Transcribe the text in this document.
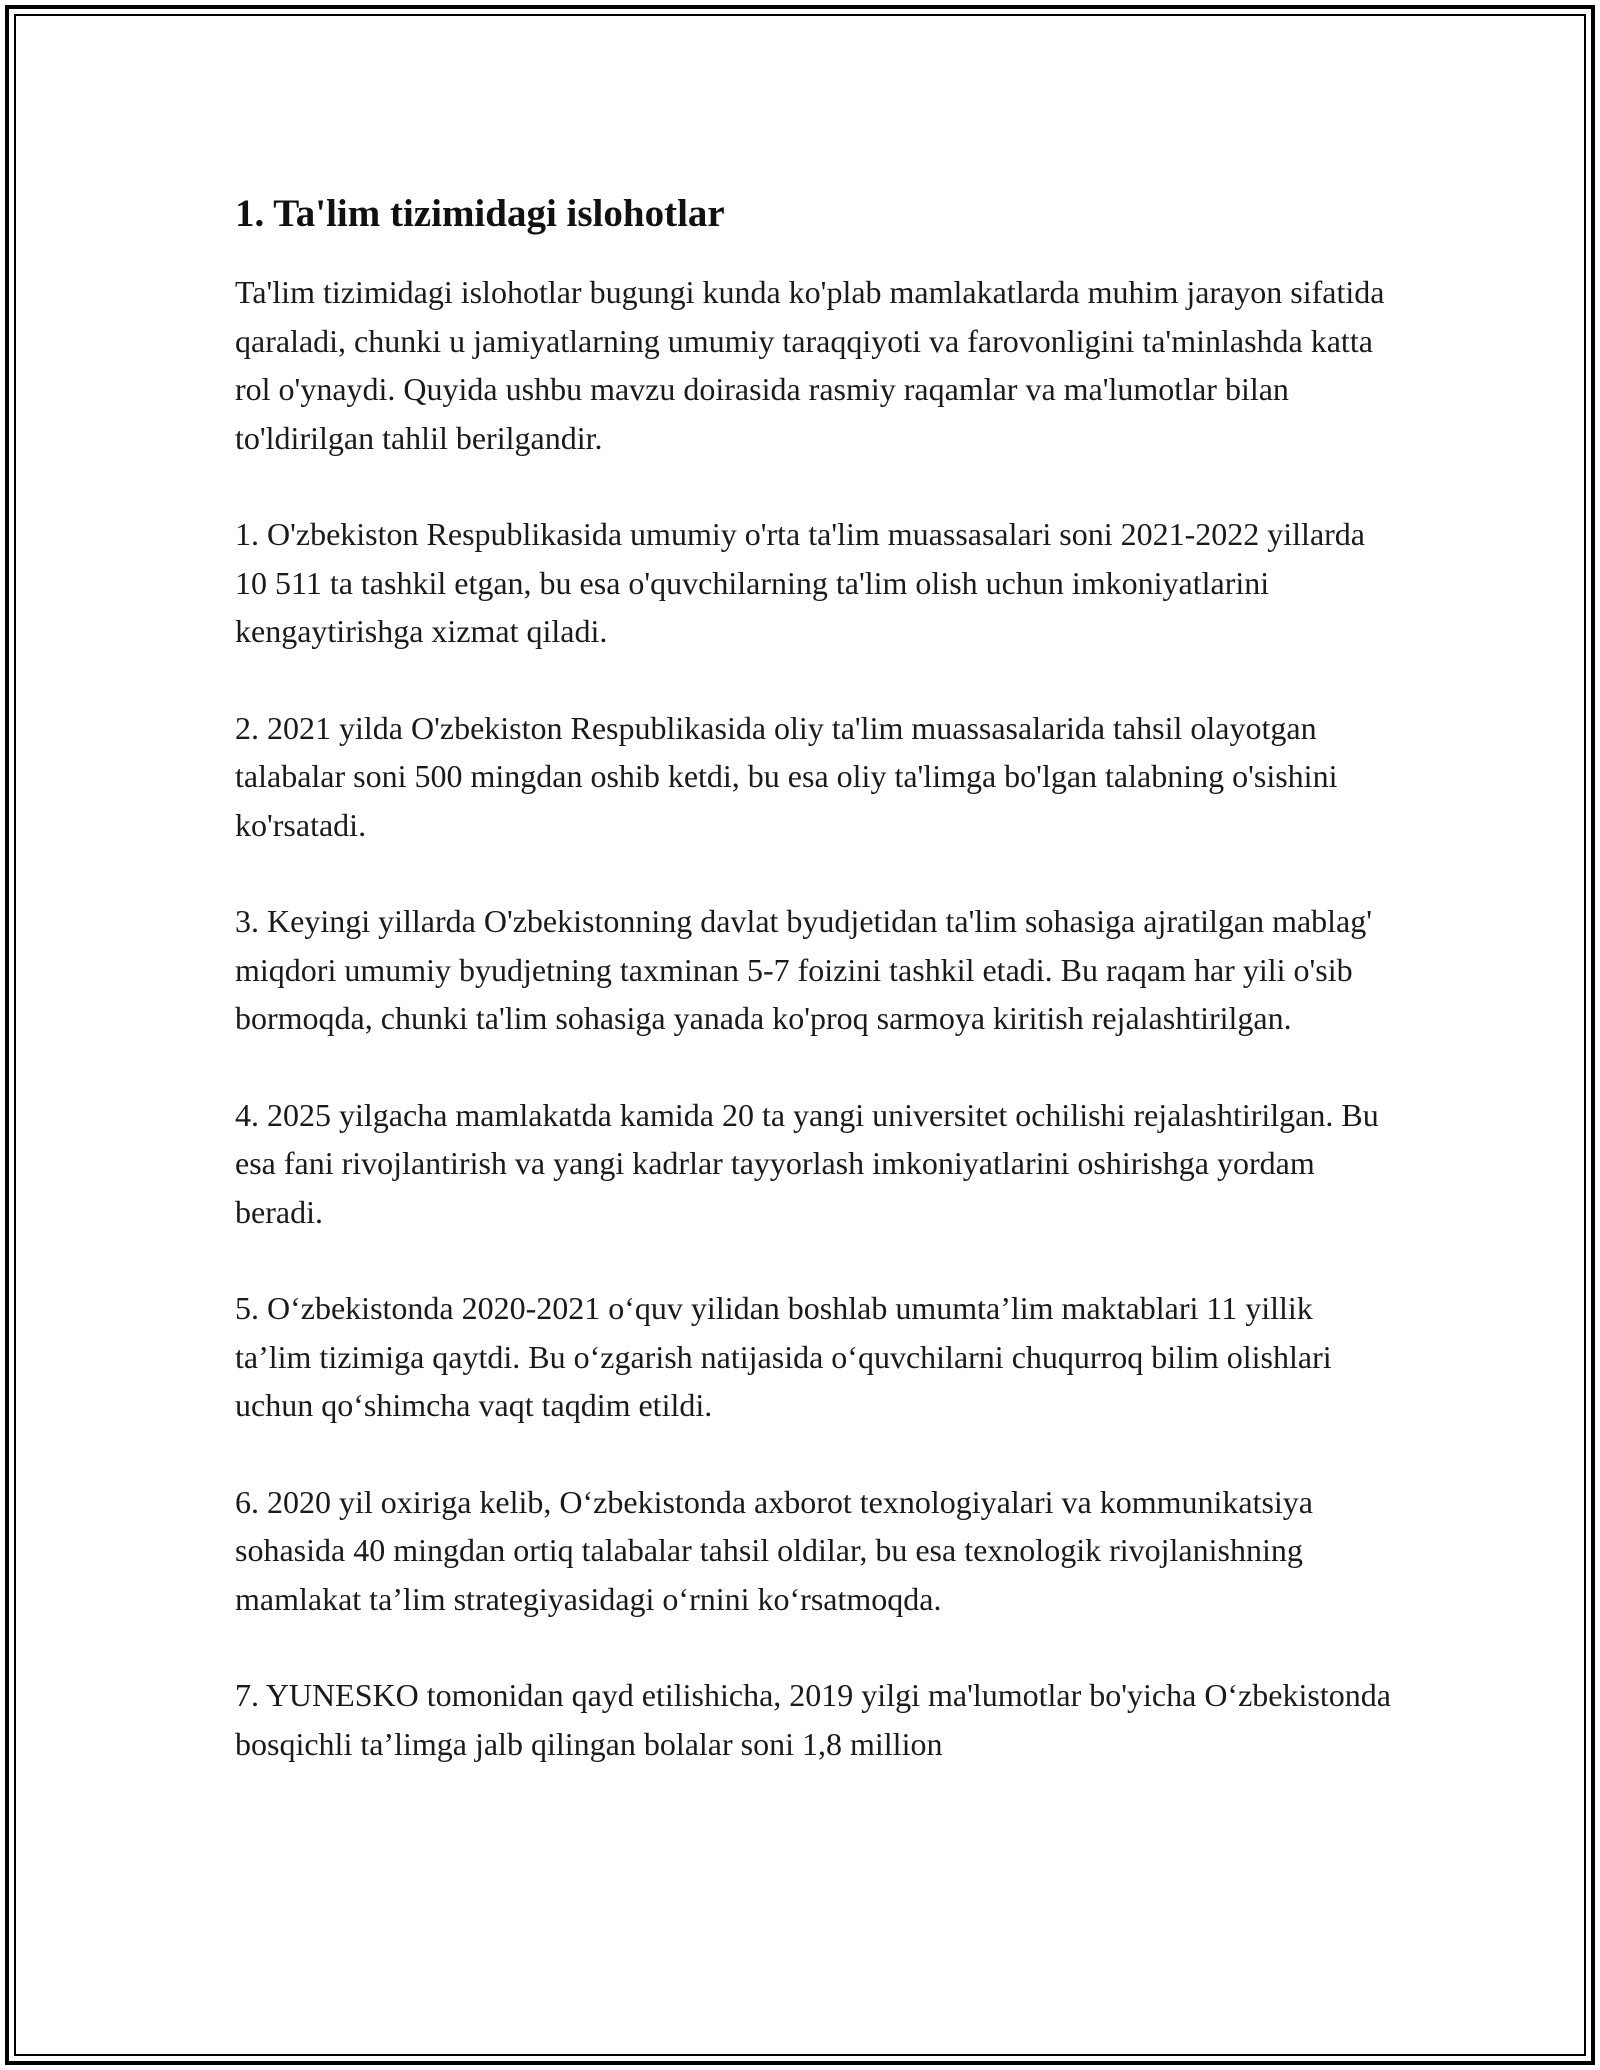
1. Ta'lim tizimidagi islohotlar

Ta'lim tizimidagi islohotlar bugungi kunda ko'plab mamlakatlarda muhim jarayon sifatida qaraladi, chunki u jamiyatlarning umumiy taraqqiyoti va farovonligini ta'minlashda katta rol o'ynaydi. Quyida ushbu mavzu doirasida rasmiy raqamlar va ma'lumotlar bilan to'ldirilgan tahlil berilgandir.

1. O'zbekiston Respublikasida umumiy o'rta ta'lim muassasalari soni 2021-2022 yillarda 10 511 ta tashkil etgan, bu esa o'quvchilarning ta'lim olish uchun imkoniyatlarini kengaytirishga xizmat qiladi.

2. 2021 yilda O'zbekiston Respublikasida oliy ta'lim muassasalarida tahsil olayotgan talabalar soni 500 mingdan oshib ketdi, bu esa oliy ta'limga bo'lgan talabning o'sishini ko'rsatadi.

3. Keyingi yillarda O'zbekistonning davlat byudjetidan ta'lim sohasiga ajratilgan mablag' miqdori umumiy byudjetning taxminan 5-7 foizini tashkil etadi. Bu raqam har yili o'sib bormoqda, chunki ta'lim sohasiga yanada ko'proq sarmoya kiritish rejalashtirilgan.

4. 2025 yilgacha mamlakatda kamida 20 ta yangi universitet ochilishi rejalashtirilgan. Bu esa fani rivojlantirish va yangi kadrlar tayyorlash imkoniyatlarini oshirishga yordam beradi.

5. O‘zbekistonda 2020-2021 o‘quv yilidan boshlab umumta’lim maktablari 11 yillik ta’lim tizimiga qaytdi. Bu o‘zgarish natijasida o‘quvchilarni chuqurroq bilim olishlari uchun qo‘shimcha vaqt taqdim etildi.

6. 2020 yil oxiriga kelib, O‘zbekistonda axborot texnologiyalari va kommunikatsiya sohasida 40 mingdan ortiq talabalar tahsil oldilar, bu esa texnologik rivojlanishning mamlakat ta’lim strategiyasidagi o‘rnini ko‘rsatmoqda.

7. YUNESKO tomonidan qayd etilishicha, 2019 yilgi ma'lumotlar bo'yicha O‘zbekistonda bosqichli ta’limga jalb qilingan bolalar soni 1,8 million
